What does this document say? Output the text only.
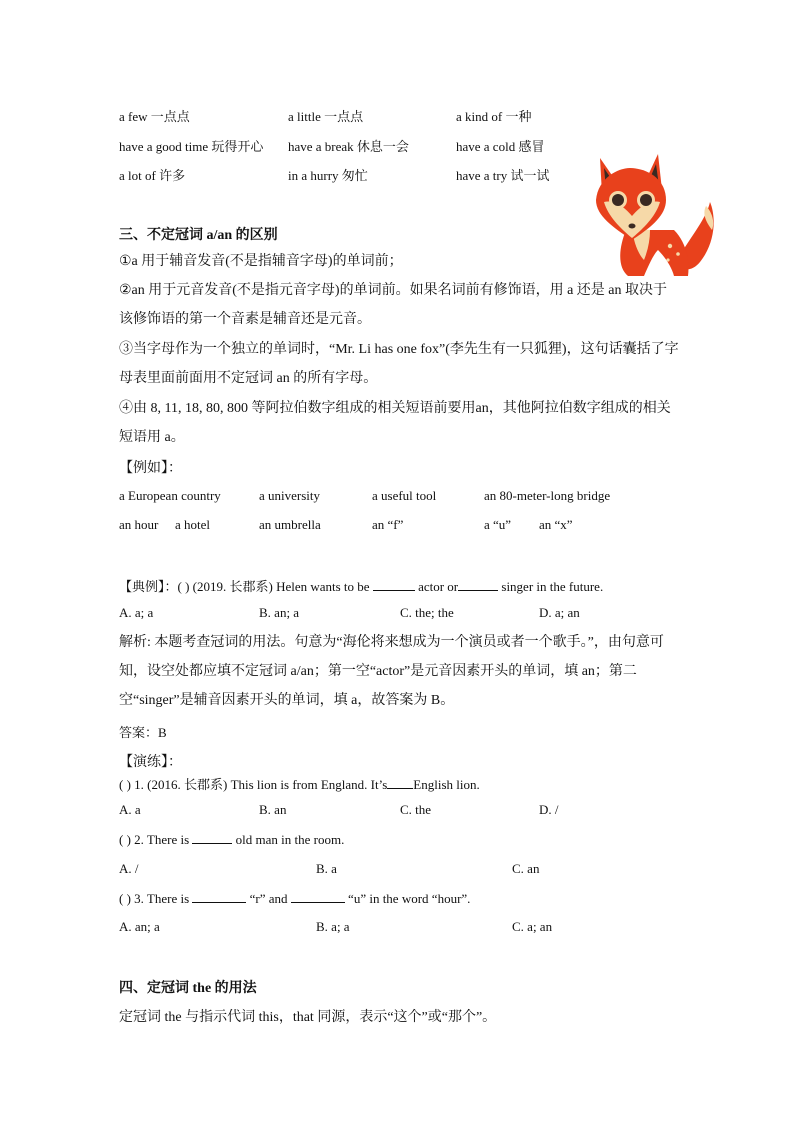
a few 一点点	a little 一点点	a kind of 一种
have a good time 玩得开心 have a break 休息一会	have a cold 感冒
a lot of 许多	in a hurry 匆忙	have a try 试一试
三、不定冠词 a/an 的区别
①a 用于辅音发音(不是指辅音字母)的单词前；
②an 用于元音发音(不是指元音字母)的单词前。如果名词前有修饰语，用 a 还是 an 取决于该修饰语的第一个音素是辅音还是元音。
③当字母作为一个独立的单词时，“Mr. Li has one fox”(李先生有一只狐狸)，这句话囊括了字母表里面前面用不定冠词 an 的所有字母。
④由 8, 11, 18, 80, 800 等阿拉伯数字组成的相关短语前要用an，其他阿拉伯数字组成的相关短语用 a。
【例如】：
a European country	a university	a useful tool	an 80-meter-long bridge
an hour a hotel	an umbrella	an “f”	a “u” an “x”
【典例】：( ) (2019. 长郡系) Helen wants to be	actor or	singer in the future.
A. a; a	B. an; a	C. the; the	D. a; an
解析: 本题考查冠词的用法。句意为“海伦将来想成为一个演员或者一个歌手。”，由句意可知，设空处都应填不定冠词 a/an；第一空“actor”是元音因素开头的单词，填 an；第二空“singer”是辅音因素开头的单词，填 a，故答案为 B。
答案：B
【演练】：
( ) 1. (2016. 长郡系) This lion is from England. It’s English lion.
A. a	B. an	C. the	D. /
( ) 2. There is	old man in the room.
A. /	B. a	C. an
( ) 3. There is	“r” and	“u” in the word “hour”.
A. an; a	B. a; a	C. a; an
四、定冠词 the 的用法
定冠词 the 与指示代词 this，that 同源，表示“这个”或“那个”。
